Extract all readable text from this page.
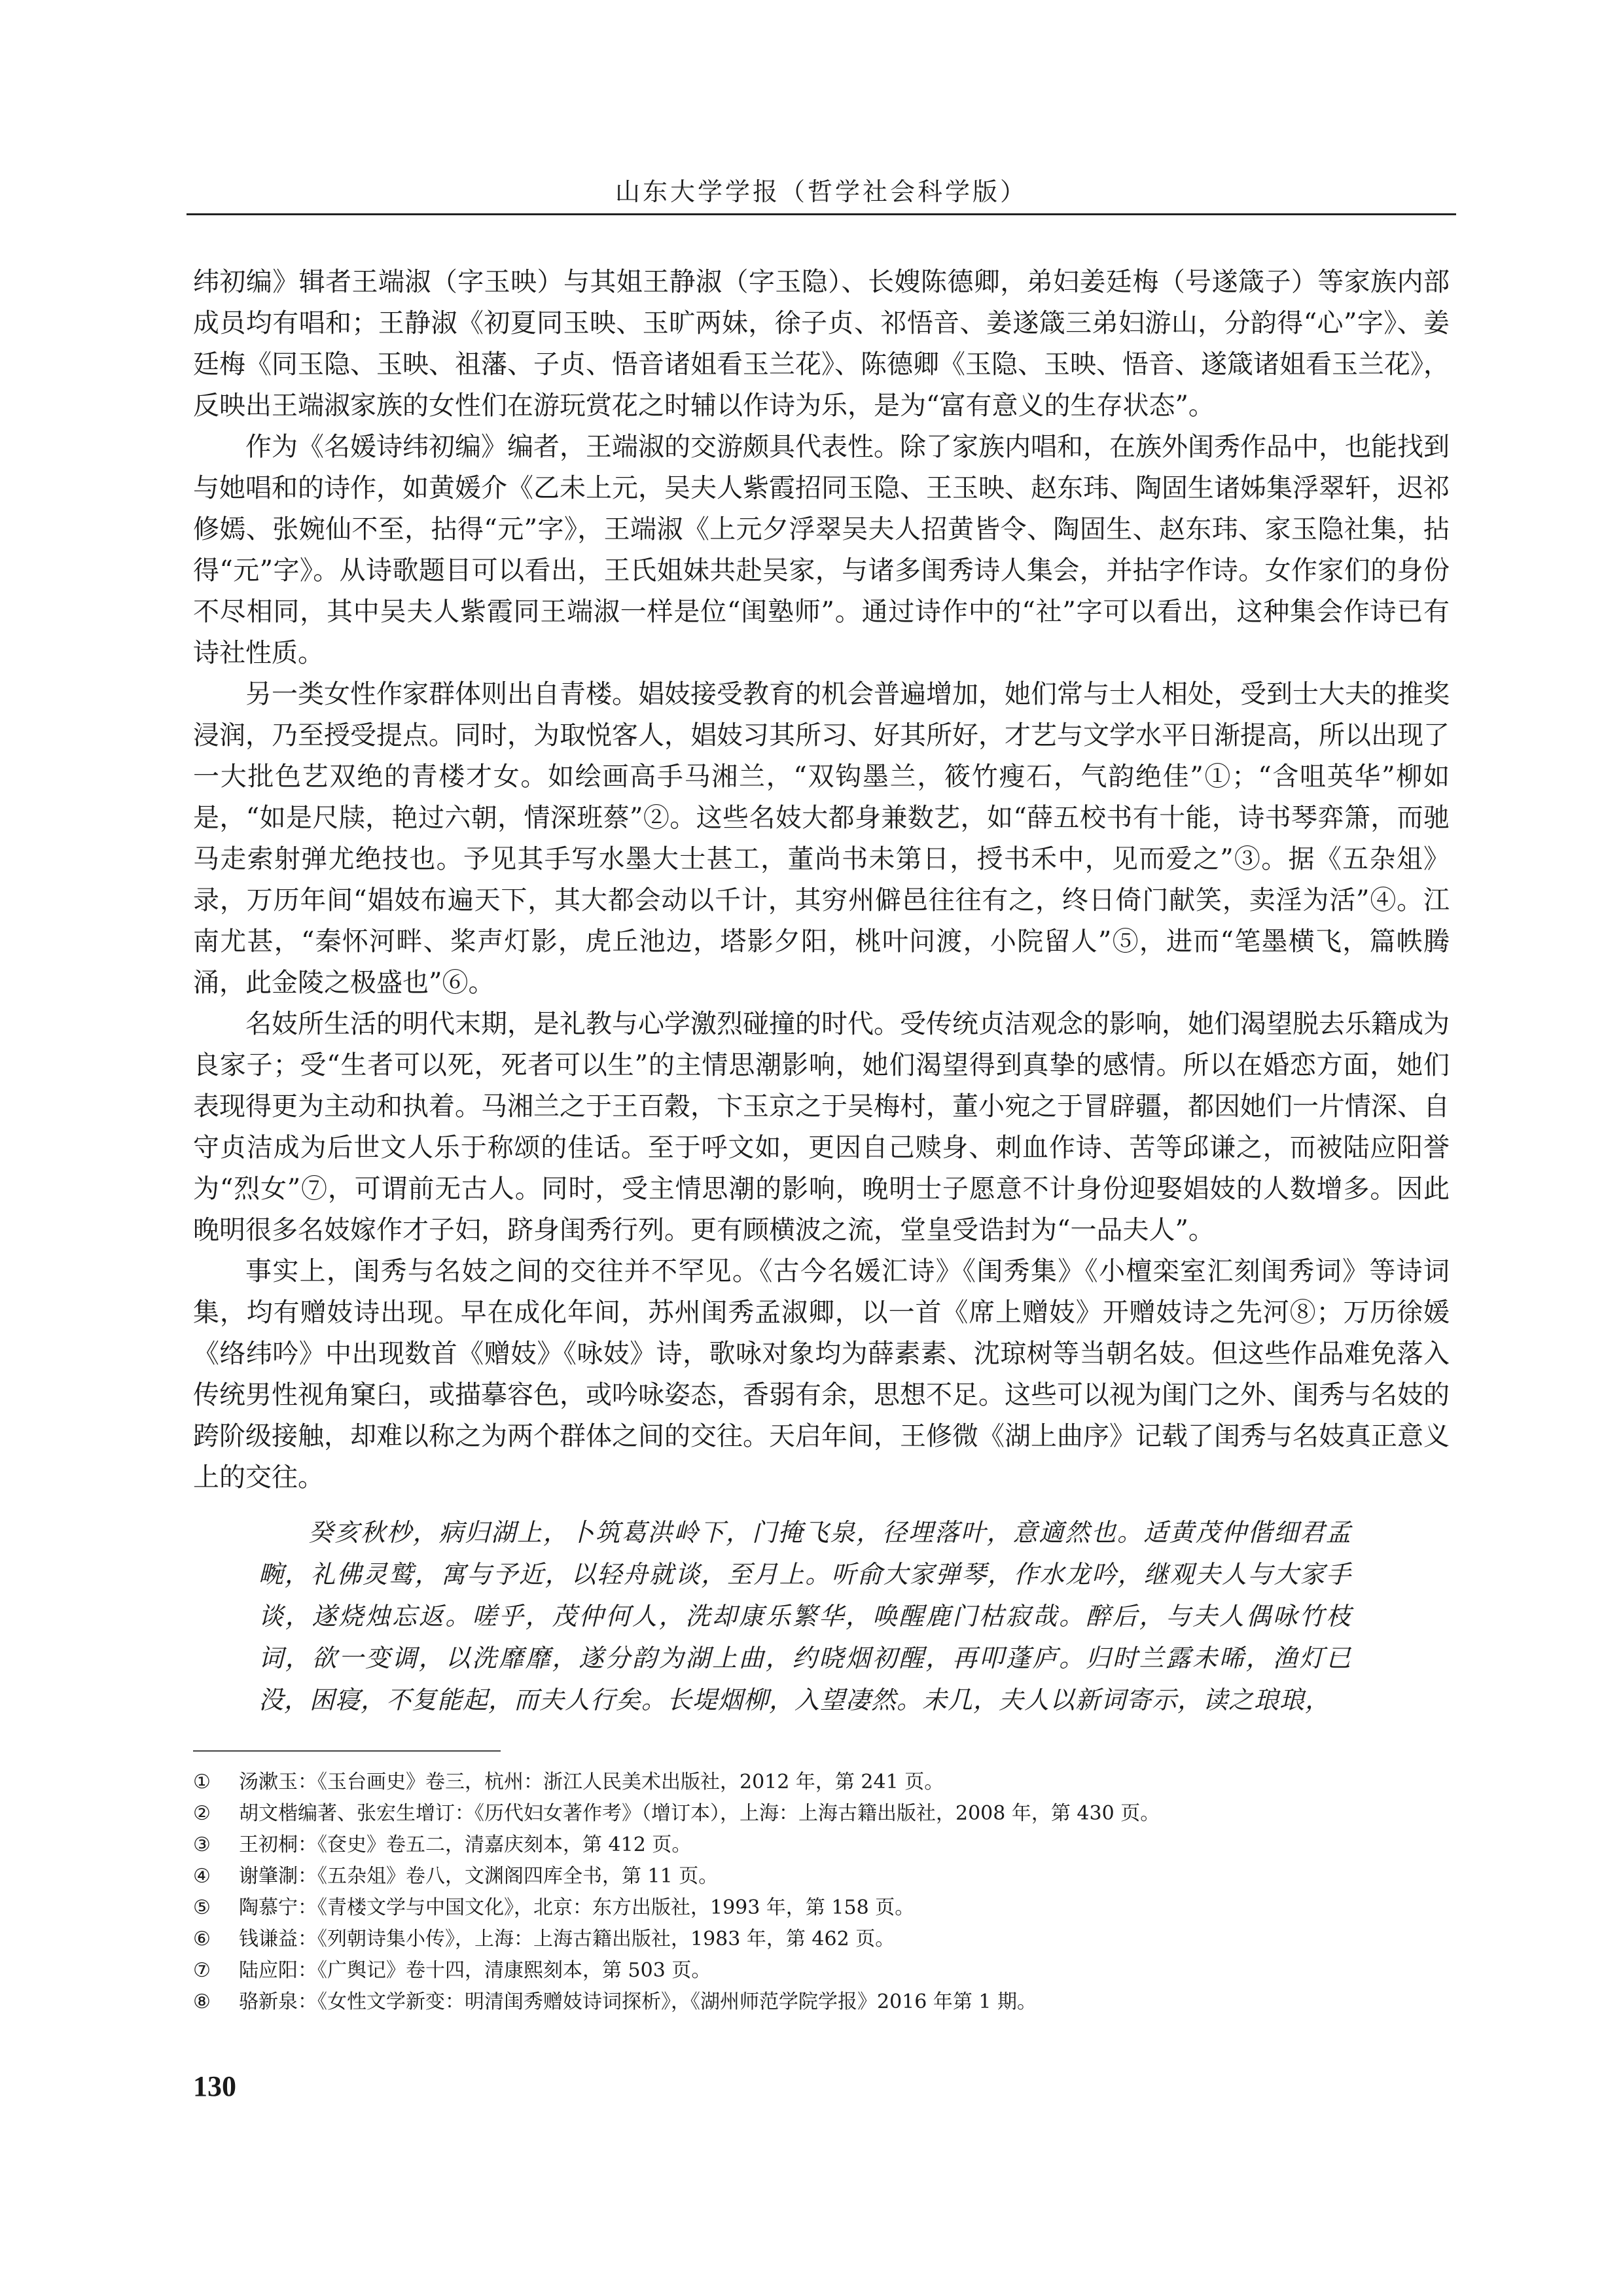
山东大学学报（哲学社会科学版）

纬初编》辑者王端淑（字玉映）与其姐王静淑（字玉隐）、长嫂陈德卿，弟妇姜廷梅（号遂箴子）等家族内部成员均有唱和；王静淑《初夏同玉映、玉旷两妹，徐子贞、祁悟音、姜遂箴三弟妇游山，分韵得“心”字》、姜廷梅《同玉隐、玉映、祖藩、子贞、悟音诸姐看玉兰花》、陈德卿《玉隐、玉映、悟音、遂箴诸姐看玉兰花》，反映出王端淑家族的女性们在游玩赏花之时辅以作诗为乐，是为“富有意义的生存状态”。

作为《名媛诗纬初编》编者，王端淑的交游颇具代表性。除了家族内唱和，在族外闺秀作品中，也能找到与她唱和的诗作，如黄媛介《乙未上元，吴夫人紫霞招同玉隐、王玉映、赵东玮、陶固生诸姊集浮翠轩，迟祁修嫣、张婉仙不至，拈得“元”字》，王端淑《上元夕浮翠吴夫人招黄皆令、陶固生、赵东玮、家玉隐社集，拈得“元”字》。从诗歌题目可以看出，王氏姐妹共赴吴家，与诸多闺秀诗人集会，并拈字作诗。女作家们的身份不尽相同，其中吴夫人紫霞同王端淑一样是位“闺塾师”。通过诗作中的“社”字可以看出，这种集会作诗已有诗社性质。

另一类女性作家群体则出自青楼。娼妓接受教育的机会普遍增加，她们常与士人相处，受到士大夫的推奖浸润，乃至授受提点。同时，为取悦客人，娼妓习其所习、好其所好，才艺与文学水平日渐提高，所以出现了一大批色艺双绝的青楼才女。如绘画高手马湘兰，“双钩墨兰，筱竹瘦石，气韵绝佳”①；“含咀英华”柳如是，“如是尺牍，艳过六朝，情深班蔡”②。这些名妓大都身兼数艺，如“薛五校书有十能，诗书琴弈箫，而驰马走索射弹尤绝技也。予见其手写水墨大士甚工，董尚书未第日，授书禾中，见而爱之”③。据《五杂俎》录，万历年间“娼妓布遍天下，其大都会动以千计，其穷州僻邑往往有之，终日倚门献笑，卖淫为活”④。江南尤甚，“秦怀河畔、桨声灯影，虎丘池边，塔影夕阳，桃叶问渡，小院留人”⑤，进而“笔墨横飞，篇帙腾涌，此金陵之极盛也”⑥。

名妓所生活的明代末期，是礼教与心学激烈碰撞的时代。受传统贞洁观念的影响，她们渴望脱去乐籍成为良家子；受“生者可以死，死者可以生”的主情思潮影响，她们渴望得到真挚的感情。所以在婚恋方面，她们表现得更为主动和执着。马湘兰之于王百穀，卞玉京之于吴梅村，董小宛之于冒辟疆，都因她们一片情深、自守贞洁成为后世文人乐于称颂的佳话。至于呼文如，更因自己赎身、刺血作诗、苦等邱谦之，而被陆应阳誉为“烈女”⑦，可谓前无古人。同时，受主情思潮的影响，晚明士子愿意不计身份迎娶娼妓的人数增多。因此晚明很多名妓嫁作才子妇，跻身闺秀行列。更有顾横波之流，堂皇受诰封为“一品夫人”。

事实上，闺秀与名妓之间的交往并不罕见。《古今名媛汇诗》《闺秀集》《小檀栾室汇刻闺秀词》等诗词集，均有赠妓诗出现。早在成化年间，苏州闺秀孟淑卿，以一首《席上赠妓》开赠妓诗之先河⑧；万历徐媛《络纬吟》中出现数首《赠妓》《咏妓》诗，歌咏对象均为薛素素、沈琼树等当朝名妓。但这些作品难免落入传统男性视角窠臼，或描摹容色，或吟咏姿态，香弱有余，思想不足。这些可以视为闺门之外、闺秀与名妓的跨阶级接触，却难以称之为两个群体之间的交往。天启年间，王修微《湖上曲序》记载了闺秀与名妓真正意义上的交往。

癸亥秋杪，病归湖上，卜筑葛洪岭下，门掩飞泉，径埋落叶，意適然也。适黄茂仲偕细君孟畹，礼佛灵鹫，寓与予近，以轻舟就谈，至月上。听俞大家弹琴，作水龙吟，继观夫人与大家手谈，遂烧烛忘返。嗟乎，茂仲何人，洗却康乐繁华，唤醒鹿门枯寂哉。醉后，与夫人偶咏竹枝词，欲一变调，以洗靡靡，遂分韵为湖上曲，约晓烟初醒，再叩蓬庐。归时兰露未晞，渔灯已没，困寝，不复能起，而夫人行矣。长堤烟柳，入望凄然。未几，夫人以新词寄示，读之琅琅，

①	汤漱玉：《玉台画史》卷三，杭州：浙江人民美术出版社，2012 年，第 241 页。
②	胡文楷编著、张宏生增订：《历代妇女著作考》（增订本），上海：上海古籍出版社，2008 年，第 430 页。
③	王初桐：《奁史》卷五二，清嘉庆刻本，第 412 页。
④	谢肇淛：《五杂俎》卷八，文渊阁四库全书，第 11 页。
⑤	陶慕宁：《青楼文学与中国文化》，北京：东方出版社，1993 年，第 158 页。
⑥	钱谦益：《列朝诗集小传》，上海：上海古籍出版社，1983 年，第 462 页。
⑦	陆应阳：《广舆记》卷十四，清康熙刻本，第 503 页。
⑧	骆新泉：《女性文学新变：明清闺秀赠妓诗词探析》，《湖州师范学院学报》2016 年第 1 期。
130
